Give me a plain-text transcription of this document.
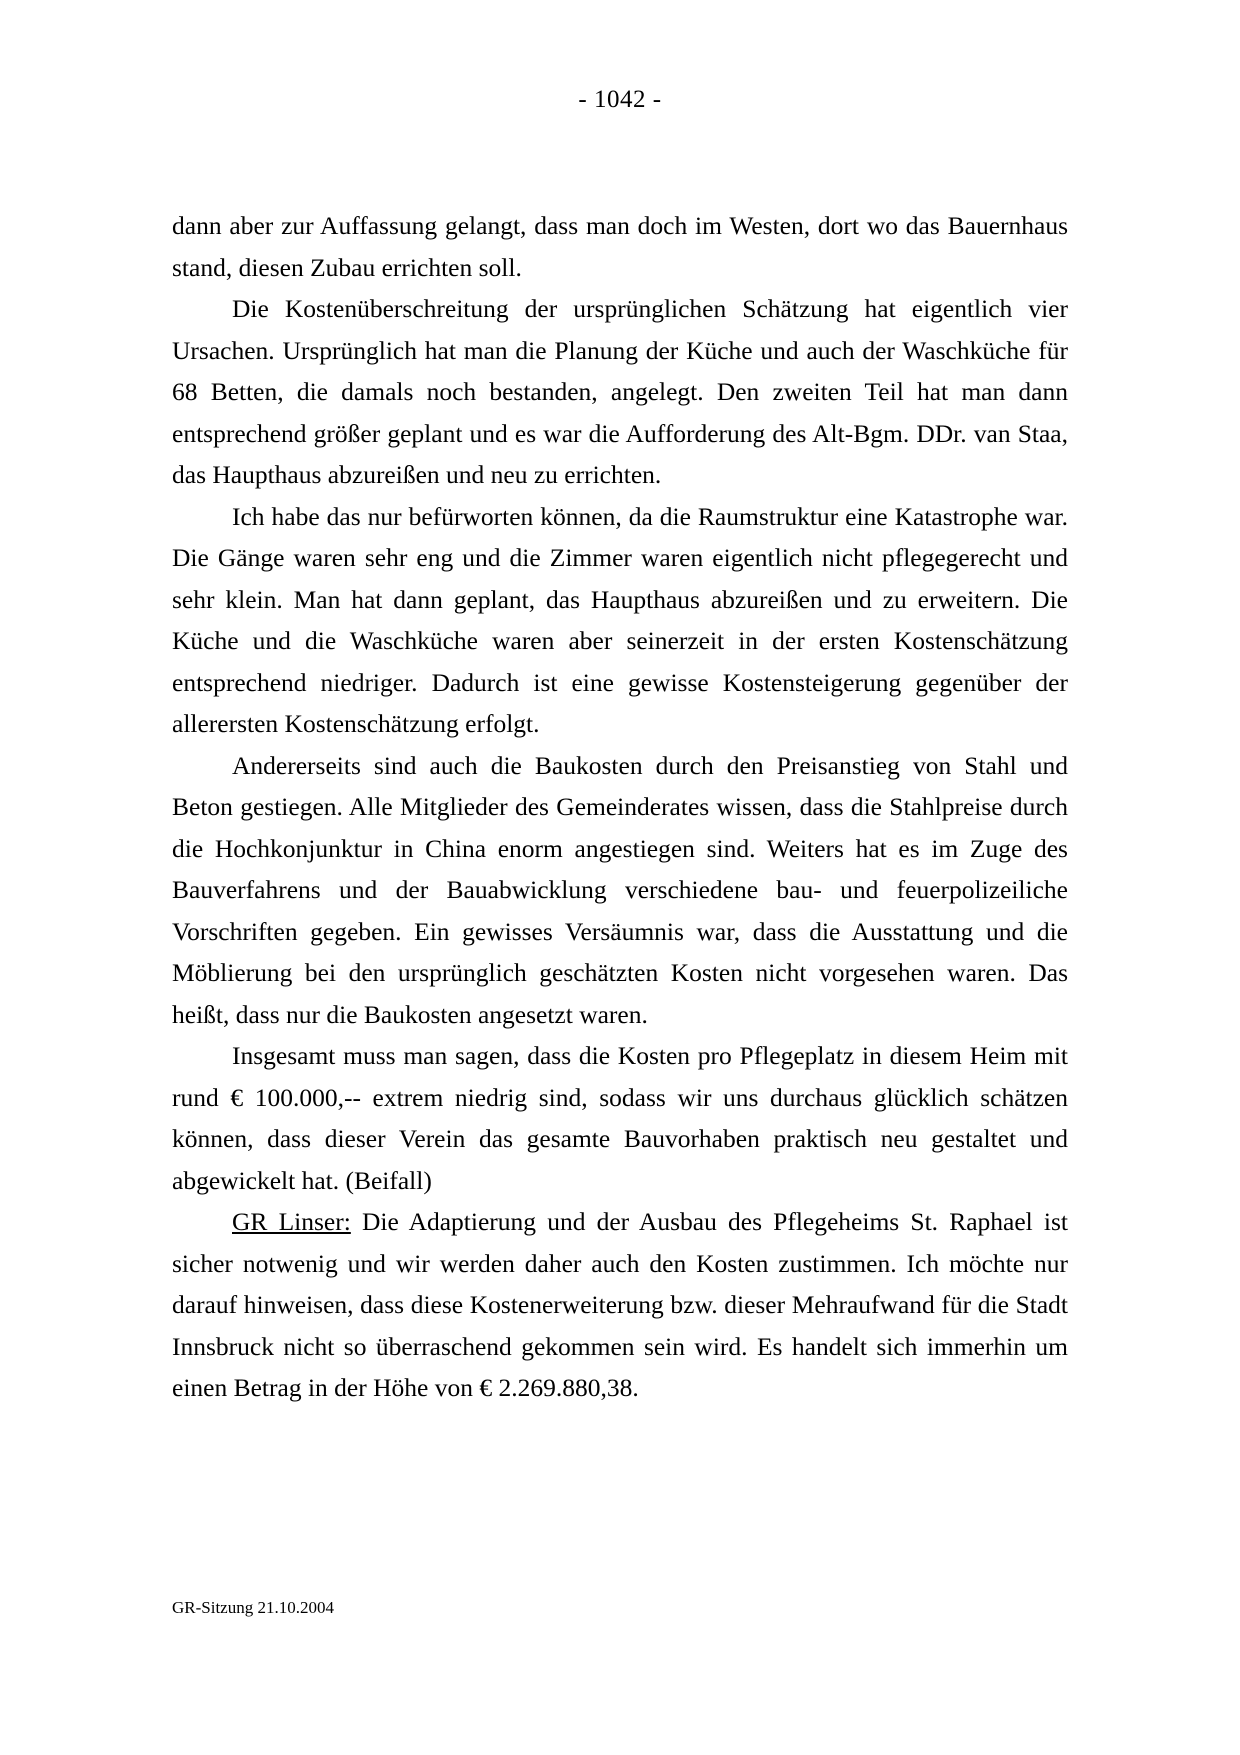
- 1042 -

dann aber zur Auffassung gelangt, dass man doch im Westen, dort wo das Bauernhaus stand, diesen Zubau errichten soll.

Die Kostenüberschreitung der ursprünglichen Schätzung hat eigentlich vier Ursachen. Ursprünglich hat man die Planung der Küche und auch der Waschküche für 68 Betten, die damals noch bestanden, angelegt. Den zweiten Teil hat man dann entsprechend größer geplant und es war die Aufforderung des Alt-Bgm. DDr. van Staa, das Haupthaus abzureißen und neu zu errichten.

Ich habe das nur befürworten können, da die Raumstruktur eine Katastrophe war. Die Gänge waren sehr eng und die Zimmer waren eigentlich nicht pflegegerecht und sehr klein. Man hat dann geplant, das Haupthaus abzureißen und zu erweitern. Die Küche und die Waschküche waren aber seinerzeit in der ersten Kostenschätzung entsprechend niedriger. Dadurch ist eine gewisse Kostensteigerung gegenüber der allerersten Kostenschätzung erfolgt.

Andererseits sind auch die Baukosten durch den Preisanstieg von Stahl und Beton gestiegen. Alle Mitglieder des Gemeinderates wissen, dass die Stahlpreise durch die Hochkonjunktur in China enorm angestiegen sind. Weiters hat es im Zuge des Bauverfahrens und der Bauabwicklung verschiedene bau- und feuerpolizeiliche Vorschriften gegeben. Ein gewisses Versäumnis war, dass die Ausstattung und die Möblierung bei den ursprünglich geschätzten Kosten nicht vorgesehen waren. Das heißt, dass nur die Baukosten angesetzt waren.

Insgesamt muss man sagen, dass die Kosten pro Pflegeplatz in diesem Heim mit rund € 100.000,-- extrem niedrig sind, sodass wir uns durchaus glücklich schätzen können, dass dieser Verein das gesamte Bauvorhaben praktisch neu gestaltet und abgewickelt hat. (Beifall)

GR Linser: Die Adaptierung und der Ausbau des Pflegeheims St. Raphael ist sicher notwenig und wir werden daher auch den Kosten zustimmen. Ich möchte nur darauf hinweisen, dass diese Kostenerweiterung bzw. dieser Mehraufwand für die Stadt Innsbruck nicht so überraschend gekommen sein wird. Es handelt sich immerhin um einen Betrag in der Höhe von € 2.269.880,38.

GR-Sitzung 21.10.2004
